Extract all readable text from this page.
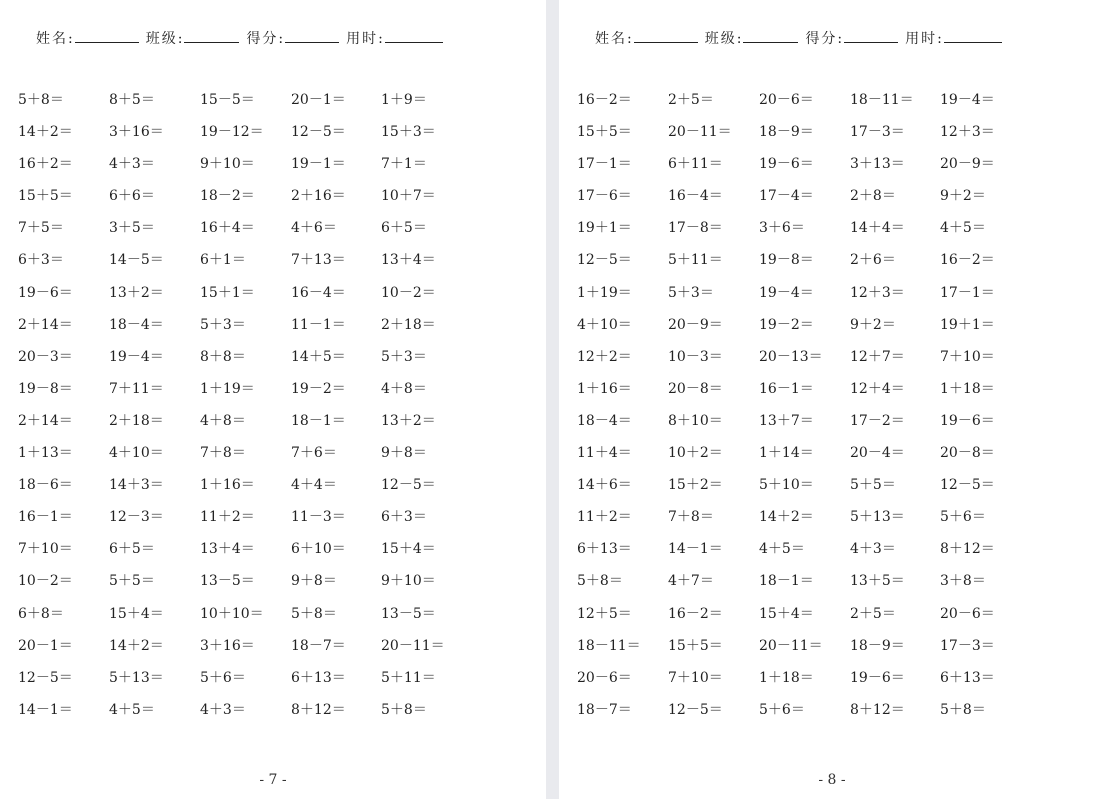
姓名:	班级:	得分:	用时:
5＋8＝	8＋5＝	15－5＝	20－1＝	1＋9＝
14＋2＝	3＋16＝	19－12＝	12－5＝	15＋3＝
16＋2＝	4＋3＝	9＋10＝	19－1＝	7＋1＝
15＋5＝	6＋6＝	18－2＝	2＋16＝	10＋7＝
7＋5＝	3＋5＝	16＋4＝	4＋6＝	6＋5＝
6＋3＝	14－5＝	6＋1＝	7＋13＝	13＋4＝
19－6＝	13＋2＝	15＋1＝	16－4＝	10－2＝
2＋14＝	18－4＝	5＋3＝	11－1＝	2＋18＝
20－3＝	19－4＝	8＋8＝	14＋5＝	5＋3＝
19－8＝	7＋11＝	1＋19＝	19－2＝	4＋8＝
2＋14＝	2＋18＝	4＋8＝	18－1＝	13＋2＝
1＋13＝	4＋10＝	7＋8＝	7＋6＝	9＋8＝
18－6＝	14＋3＝	1＋16＝	4＋4＝	12－5＝
16－1＝	12－3＝	11＋2＝	11－3＝	6＋3＝
7＋10＝	6＋5＝	13＋4＝	6＋10＝	15＋4＝
10－2＝	5＋5＝	13－5＝	9＋8＝	9＋10＝
6＋8＝	15＋4＝	10＋10＝	5＋8＝	13－5＝
20－1＝	14＋2＝	3＋16＝	18－7＝	20－11＝
12－5＝	5＋13＝	5＋6＝	6＋13＝	5＋11＝
14－1＝	4＋5＝	4＋3＝	8＋12＝	5＋8＝
- 7 -
姓名:	班级:	得分:	用时:
16－2＝	2＋5＝	20－6＝	18－11＝	19－4＝
15＋5＝	20－11＝	18－9＝	17－3＝	12＋3＝
17－1＝	6＋11＝	19－6＝	3＋13＝	20－9＝
17－6＝	16－4＝	17－4＝	2＋8＝	9＋2＝
19＋1＝	17－8＝	3＋6＝	14＋4＝	4＋5＝
12－5＝	5＋11＝	19－8＝	2＋6＝	16－2＝
1＋19＝	5＋3＝	19－4＝	12＋3＝	17－1＝
4＋10＝	20－9＝	19－2＝	9＋2＝	19＋1＝
12＋2＝	10－3＝	20－13＝	12＋7＝	7＋10＝
1＋16＝	20－8＝	16－1＝	12＋4＝	1＋18＝
18－4＝	8＋10＝	13＋7＝	17－2＝	19－6＝
11＋4＝	10＋2＝	1＋14＝	20－4＝	20－8＝
14＋6＝	15＋2＝	5＋10＝	5＋5＝	12－5＝
11＋2＝	7＋8＝	14＋2＝	5＋13＝	5＋6＝
6＋13＝	14－1＝	4＋5＝	4＋3＝	8＋12＝
5＋8＝	4＋7＝	18－1＝	13＋5＝	3＋8＝
12＋5＝	16－2＝	15＋4＝	2＋5＝	20－6＝
18－11＝	15＋5＝	20－11＝	18－9＝	17－3＝
20－6＝	7＋10＝	1＋18＝	19－6＝	6＋13＝
18－7＝	12－5＝	5＋6＝	8＋12＝	5＋8＝
- 8 -
